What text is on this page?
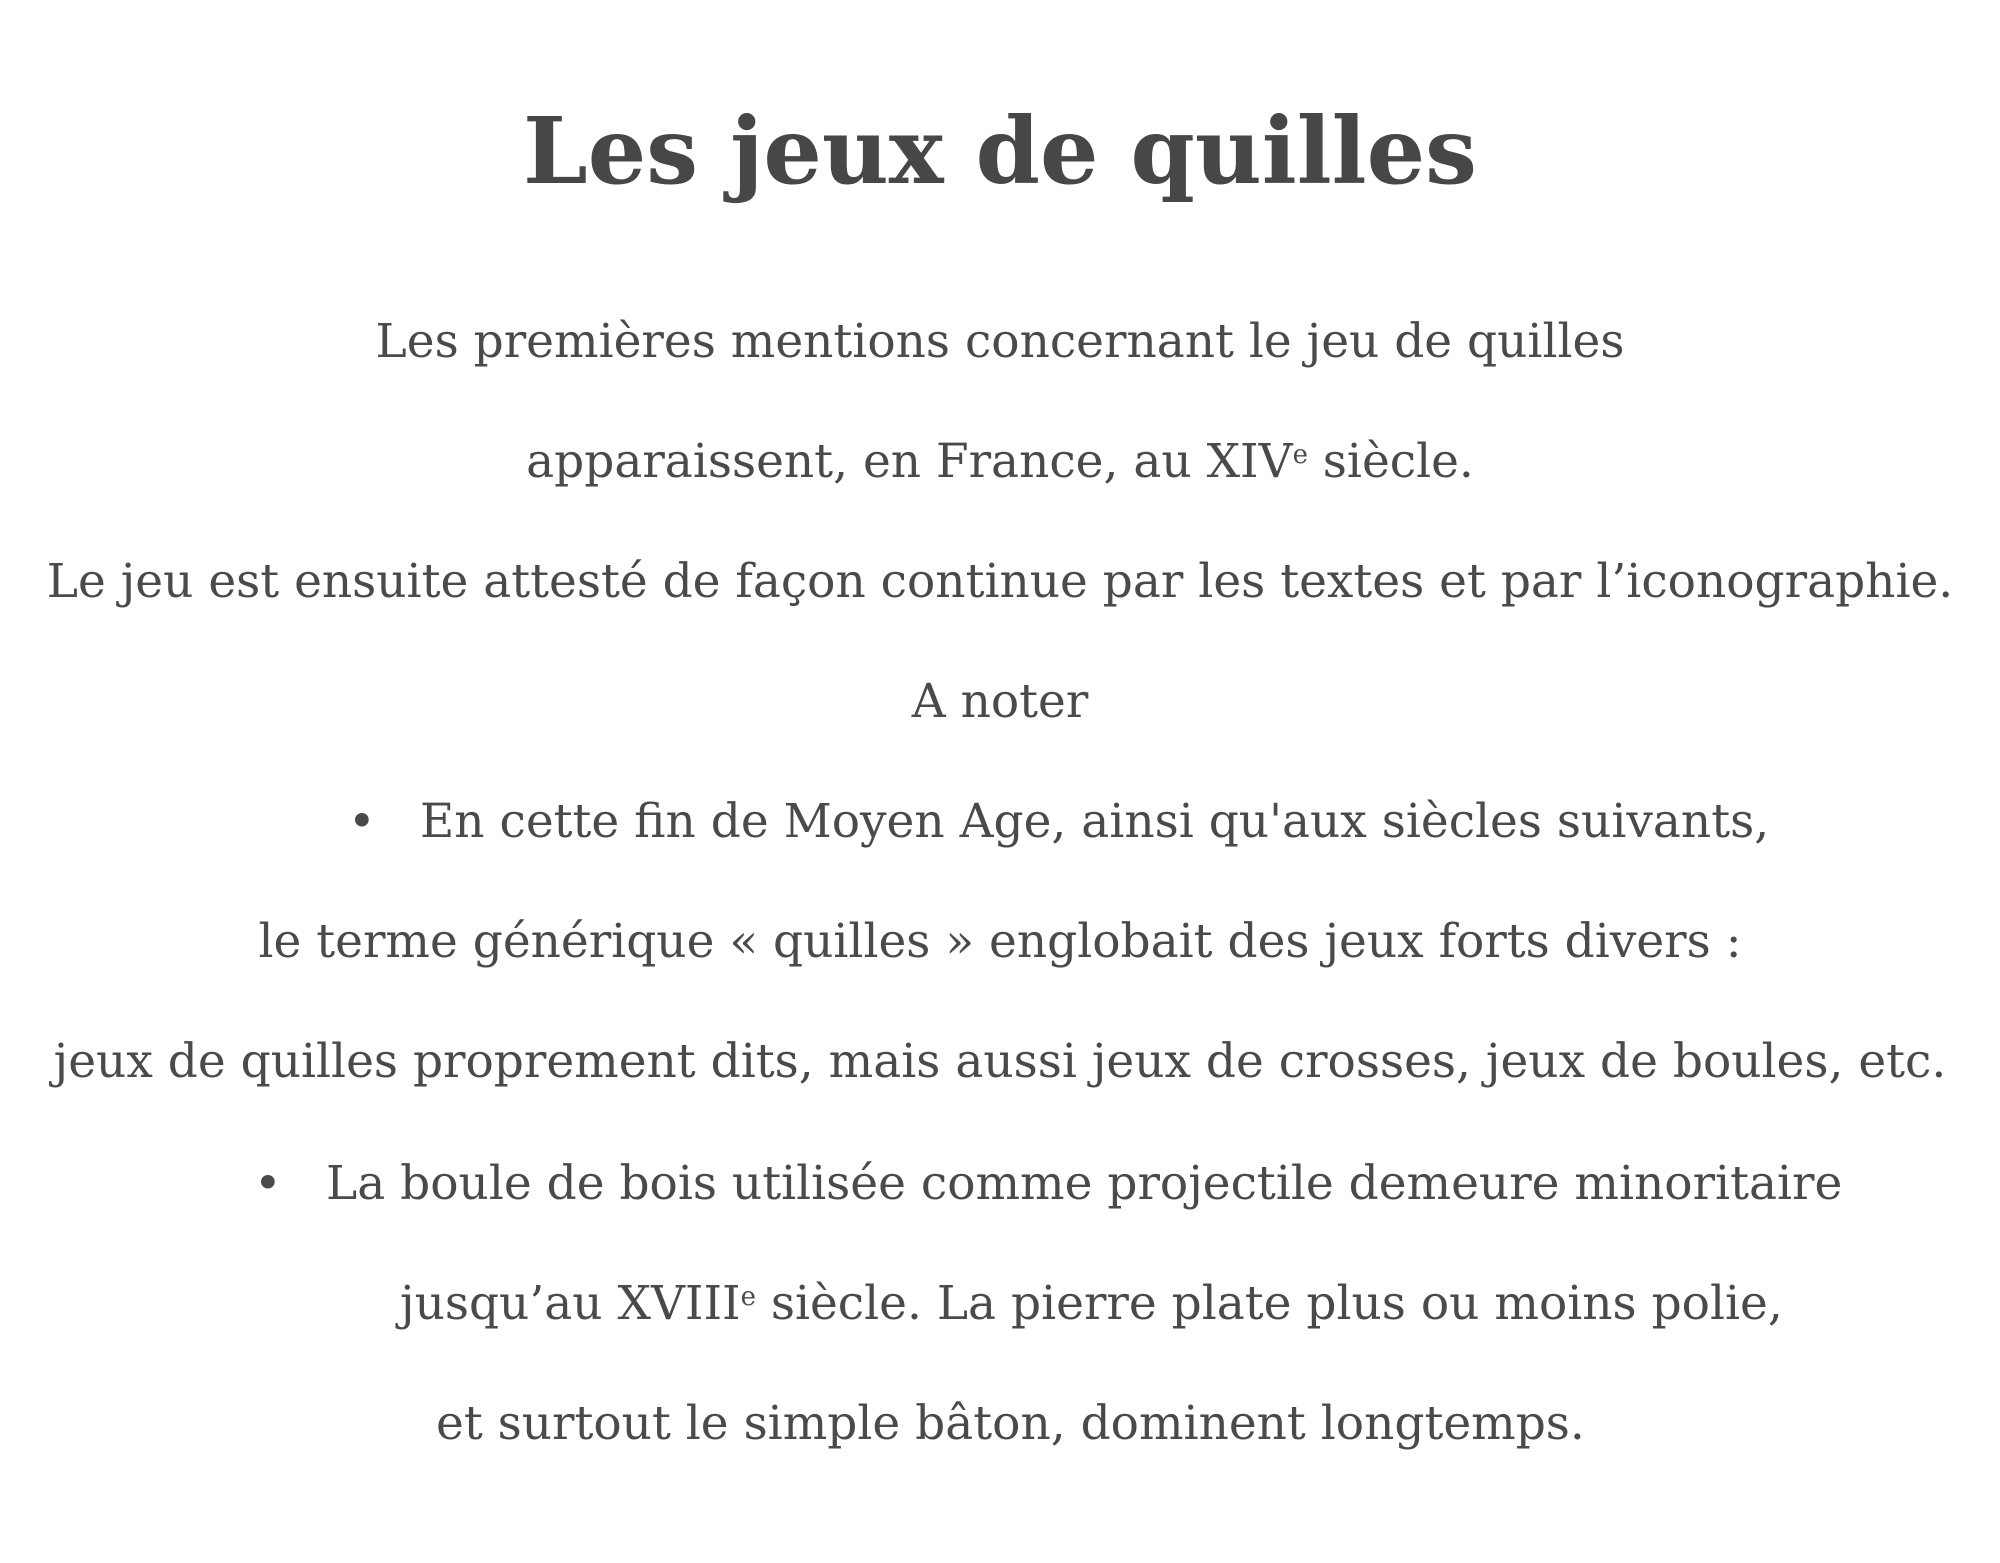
Les jeux de quilles
Les premières mentions concernant le jeu de quilles
apparaissent, en France, au XIVe siècle.
Le jeu est ensuite attesté de façon continue par les textes et par l’iconographie.
A noter
• En cette fin de Moyen Age, ainsi qu'aux siècles suivants,
le terme générique « quilles » englobait des jeux forts divers :
jeux de quilles proprement dits, mais aussi jeux de crosses, jeux de boules, etc.
• La boule de bois utilisée comme projectile demeure minoritaire
jusqu’au XVIIIe siècle. La pierre plate plus ou moins polie,
et surtout le simple bâton, dominent longtemps.
